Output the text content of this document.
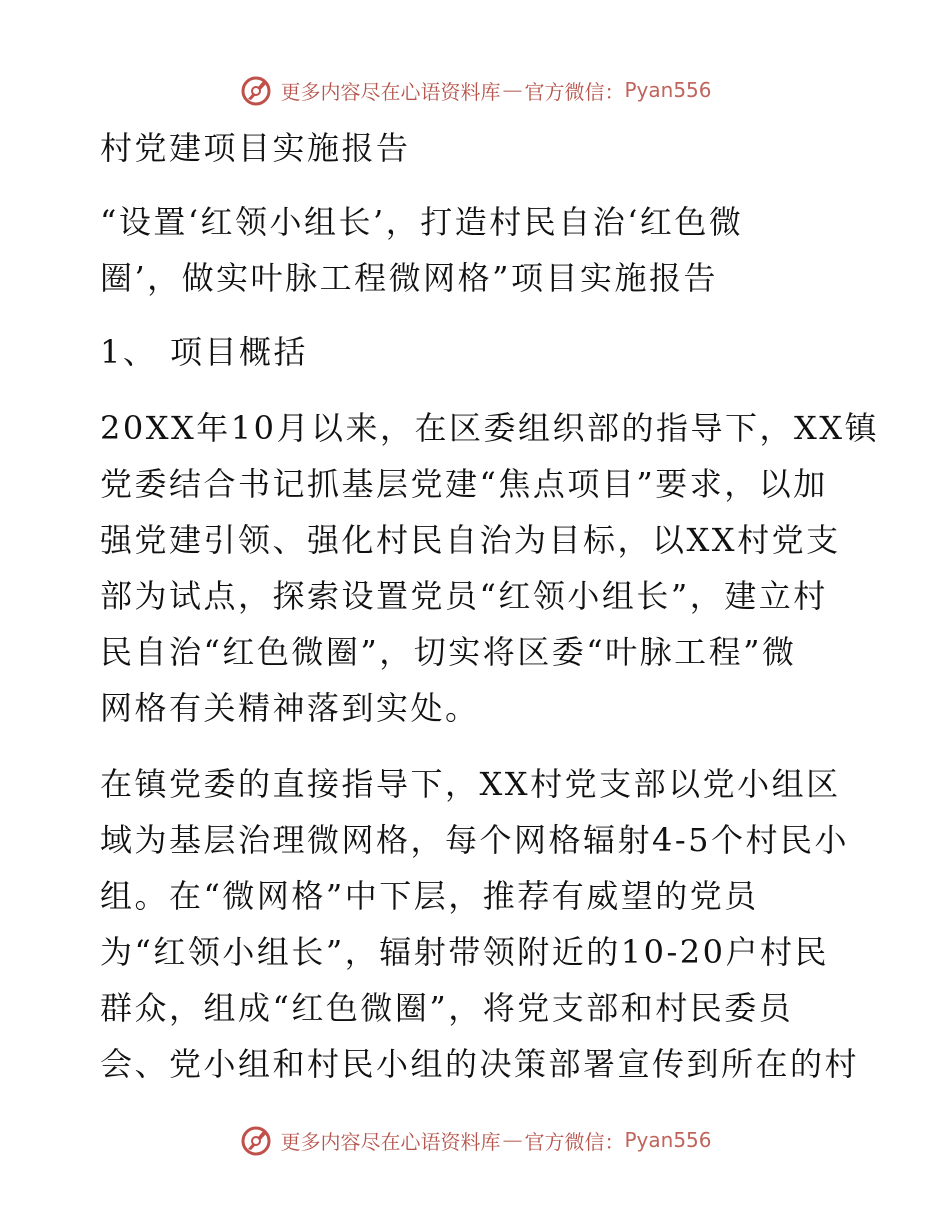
更多内容尽在心语资料库 — 官方微信： Pyan556
村党建项目实施报告
“设置‘红领小组长’，打造村民自治‘红色微
圈’，做实叶脉工程微网格”项目实施报告
1、 项目概括
20XX年10月以来，在区委组织部的指导下，XX镇
党委结合书记抓基层党建“焦点项目”要求，以加
强党建引领、强化村民自治为目标，以XX村党支
部为试点，探索设置党员“红领小组长”，建立村
民自治“红色微圈”，切实将区委“叶脉工程”微
网格有关精神落到实处。
在镇党委的直接指导下，XX村党支部以党小组区
域为基层治理微网格，每个网格辐射4-5个村民小
组。在“微网格”中下层，推荐有威望的党员
为“红领小组长”，辐射带领附近的10-20户村民
群众，组成“红色微圈”，将党支部和村民委员
会、党小组和村民小组的决策部署宣传到所在的村
更多内容尽在心语资料库 — 官方微信： Pyan556
